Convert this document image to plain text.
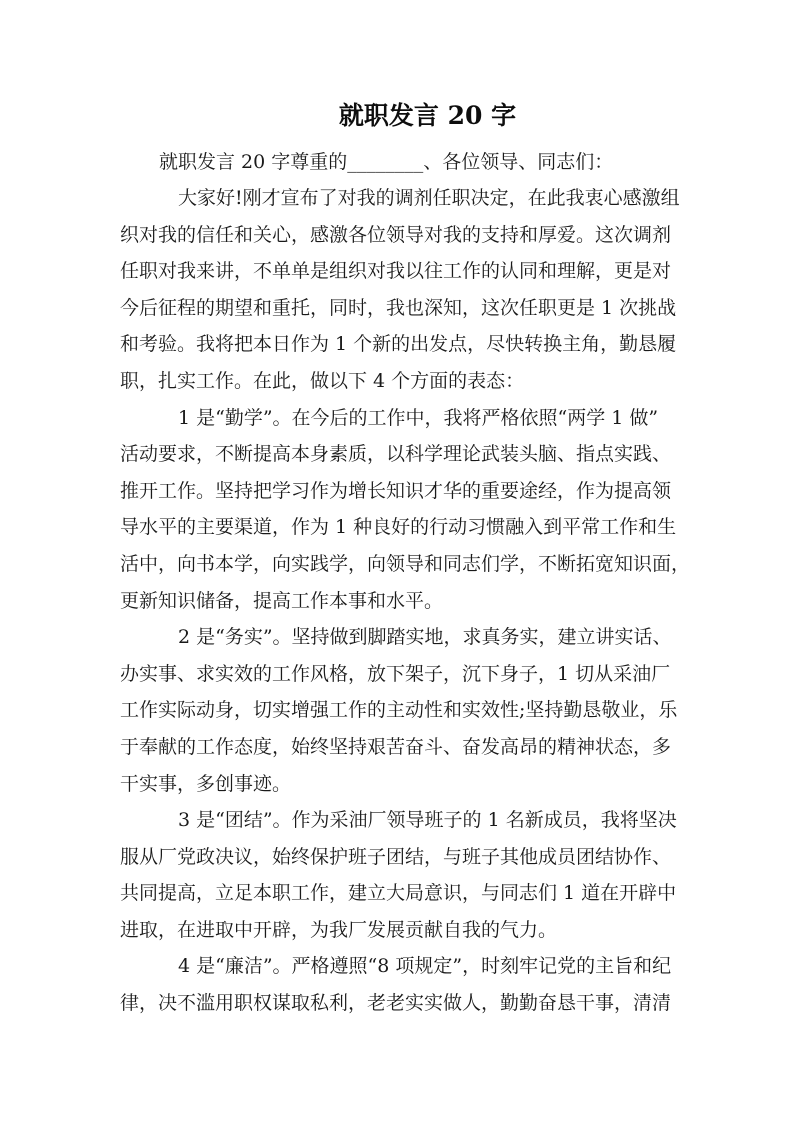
就职发言 20 字
就职发言 20 字尊重的________、各位领导、同志们：
大家好!刚才宣布了对我的调剂任职决定，在此我衷心感激组
织对我的信任和关心，感激各位领导对我的支持和厚爱。这次调剂
任职对我来讲，不单单是组织对我以往工作的认同和理解，更是对
今后征程的期望和重托，同时，我也深知，这次任职更是 1 次挑战
和考验。我将把本日作为 1 个新的出发点，尽快转换主角，勤恳履
职，扎实工作。在此，做以下 4 个方面的表态：
1 是“勤学”。在今后的工作中，我将严格依照“两学 1 做”
活动要求，不断提高本身素质，以科学理论武装头脑、指点实践、
推开工作。坚持把学习作为增长知识才华的重要途经，作为提高领
导水平的主要渠道，作为 1 种良好的行动习惯融入到平常工作和生
活中，向书本学，向实践学，向领导和同志们学，不断拓宽知识面，
更新知识储备，提高工作本事和水平。
2 是“务实”。坚持做到脚踏实地，求真务实，建立讲实话、
办实事、求实效的工作风格，放下架子，沉下身子，1 切从采油厂
工作实际动身，切实增强工作的主动性和实效性;坚持勤恳敬业，乐
于奉献的工作态度，始终坚持艰苦奋斗、奋发高昂的精神状态，多
干实事，多创事迹。
3 是“团结”。作为采油厂领导班子的 1 名新成员，我将坚决
服从厂党政决议，始终保护班子团结，与班子其他成员团结协作、
共同提高，立足本职工作，建立大局意识，与同志们 1 道在开辟中
进取，在进取中开辟，为我厂发展贡献自我的气力。
4 是“廉洁”。严格遵照“8 项规定”，时刻牢记党的主旨和纪
律，决不滥用职权谋取私利，老老实实做人，勤勤奋恳干事，清清
